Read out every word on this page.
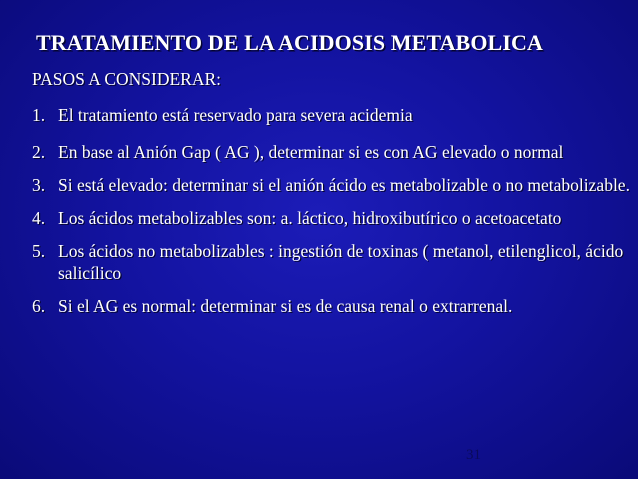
TRATAMIENTO DE LA ACIDOSIS METABOLICA
PASOS A CONSIDERAR:
1. El tratamiento está reservado para severa acidemia
2. En base al Anión Gap ( AG ), determinar si es con AG elevado o normal
3. Si está elevado: determinar si el anión ácido es metabolizable o no metabolizable.
4. Los ácidos metabolizables son: a. láctico, hidroxibutírico o acetoacetato
5. Los ácidos no metabolizables : ingestión de toxinas ( metanol, etilenglicol, ácido salicílico
6. Si el AG es normal: determinar si es de causa renal o extrarrenal.
31
